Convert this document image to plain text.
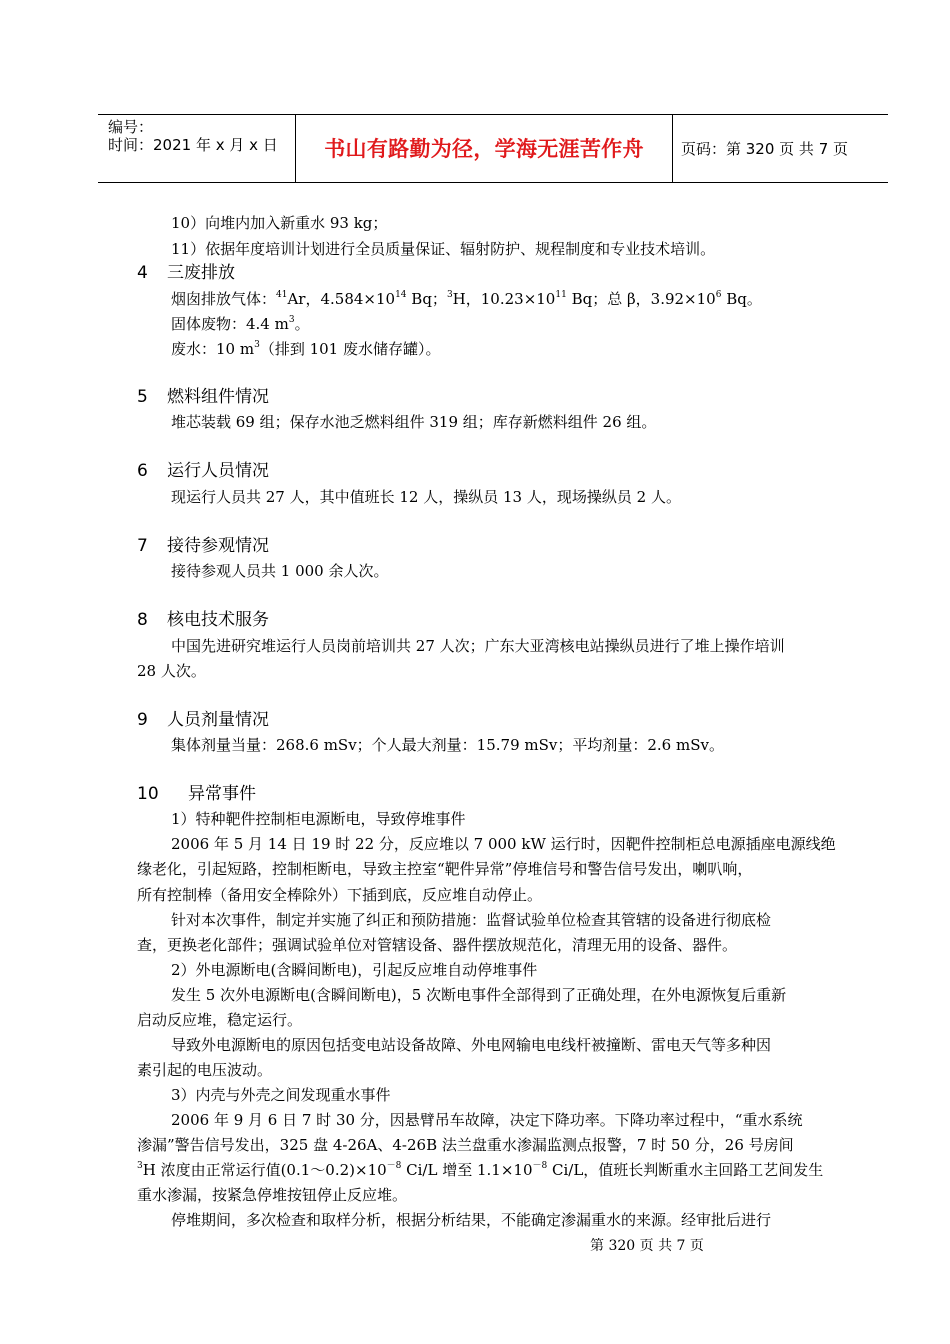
编号：
时间：2021 年 x 月 x 日	书山有路勤为径，学海无涯苦作舟	页码：第 320 页 共 7 页
10）向堆内加入新重水 93 kg；
11）依据年度培训计划进行全员质量保证、辐射防护、规程制度和专业技术培训。
4 三废排放
烟囱排放气体：$^{41}$Ar，$4.584\times 10^{14}$ Bq；$^3$H，$10.23\times 10^{11}$ Bq；总 β，$3.92\times 10^6$ Bq。
固体废物：4.4 $m^3$。
废水：10 $m^3$（排到 101 废水储存罐）。
5 燃料组件情况
堆芯装载 69 组；保存水池乏燃料组件 319 组；库存新燃料组件 26 组。
6 运行人员情况
现运行人员共 27 人，其中值班长 12 人，操纵员 13 人，现场操纵员 2 人。
7 接待参观情况
接待参观人员共 1 000 余人次。
8 核电技术服务
中国先进研究堆运行人员岗前培训共 27 人次；广东大亚湾核电站操纵员进行了堆上操作培训
28 人次。
9 人员剂量情况
集体剂量当量：268.6 mSv；个人最大剂量：15.79 mSv；平均剂量：2.6 mSv。
10 异常事件
1）特种靶件控制柜电源断电，导致停堆事件
2006 年 5 月 14 日 19 时 22 分，反应堆以 7 000 kW 运行时，因靶件控制柜总电源插座电源线绝
缘老化，引起短路，控制柜断电，导致主控室“靶件异常”停堆信号和警告信号发出，喇叭响，
所有控制棒（备用安全棒除外）下插到底，反应堆自动停止。
针对本次事件，制定并实施了纠正和预防措施：监督试验单位检查其管辖的设备进行彻底检
查，更换老化部件；强调试验单位对管辖设备、器件摆放规范化，清理无用的设备、器件。
2）外电源断电(含瞬间断电)，引起反应堆自动停堆事件
发生 5 次外电源断电(含瞬间断电)，5 次断电事件全部得到了正确处理，在外电源恢复后重新
启动反应堆，稳定运行。
导致外电源断电的原因包括变电站设备故障、外电网输电电线杆被撞断、雷电天气等多种因
素引起的电压波动。
3）内壳与外壳之间发现重水事件
2006 年 9 月 6 日 7 时 30 分，因悬臂吊车故障，决定下降功率。下降功率过程中，“重水系统
渗漏”警告信号发出，325 盘 4-26A、4-26B 法兰盘重水渗漏监测点报警，7 时 50 分，26 号房间
$^3$H 浓度由正常运行值$(0.1\sim 0.2)\times 10^{-8}$ Ci/L 增至 $1.1\times 10^{-8}$ Ci/L，值班长判断重水主回路工艺间发生
重水渗漏，按紧急停堆按钮停止反应堆。
停堆期间，多次检查和取样分析，根据分析结果，不能确定渗漏重水的来源。经审批后进行
第 320 页 共 7 页
